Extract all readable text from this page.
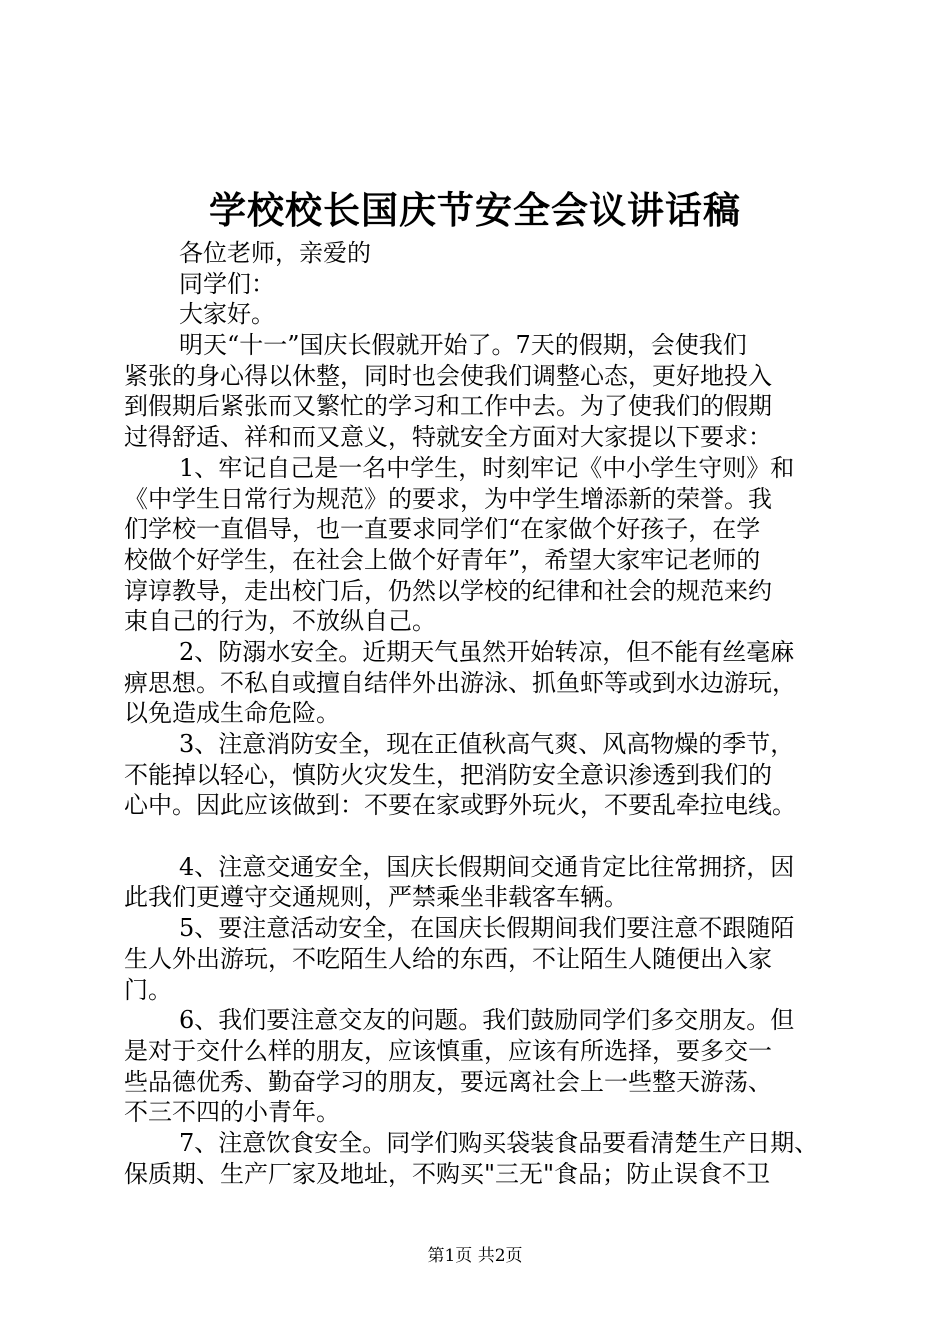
学校校长国庆节安全会议讲话稿
各位老师，亲爱的
同学们：
大家好。
明天“十一”国庆长假就开始了。7天的假期，会使我们
紧张的身心得以休整，同时也会使我们调整心态，更好地投入
到假期后紧张而又繁忙的学习和工作中去。为了使我们的假期
过得舒适、祥和而又意义，特就安全方面对大家提以下要求：
1、牢记自己是一名中学生，时刻牢记《中小学生守则》和
《中学生日常行为规范》的要求，为中学生增添新的荣誉。我
们学校一直倡导，也一直要求同学们“在家做个好孩子，在学
校做个好学生，在社会上做个好青年”，希望大家牢记老师的
谆谆教导，走出校门后，仍然以学校的纪律和社会的规范来约
束自己的行为，不放纵自己。
2、防溺水安全。近期天气虽然开始转凉，但不能有丝毫麻
痹思想。不私自或擅自结伴外出游泳、抓鱼虾等或到水边游玩，
以免造成生命危险。
3、注意消防安全，现在正值秋高气爽、风高物燥的季节，
不能掉以轻心，慎防火灾发生，把消防安全意识渗透到我们的
心中。因此应该做到：不要在家或野外玩火，不要乱牵拉电线。
4、注意交通安全，国庆长假期间交通肯定比往常拥挤，因
此我们更遵守交通规则，严禁乘坐非载客车辆。
5、要注意活动安全，在国庆长假期间我们要注意不跟随陌
生人外出游玩，不吃陌生人给的东西，不让陌生人随便出入家
门。
6、我们要注意交友的问题。我们鼓励同学们多交朋友。但
是对于交什么样的朋友，应该慎重，应该有所选择，要多交一
些品德优秀、勤奋学习的朋友，要远离社会上一些整天游荡、
不三不四的小青年。
7、注意饮食安全。同学们购买袋装食品要看清楚生产日期、
保质期、生产厂家及地址，不购买"三无"食品；防止误食不卫
第1页 共2页
